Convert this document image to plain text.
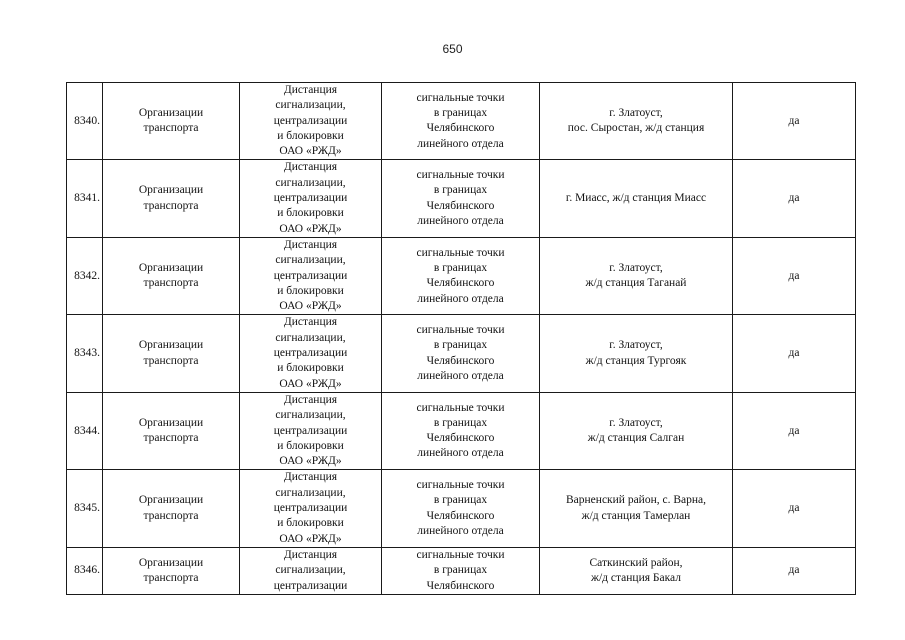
650
8340.	Организации
транспорта	Дистанция
сигнализации,
централизации
и блокировки
ОАО «РЖД»	сигнальные точки
в границах
Челябинского
линейного отдела	г. Златоуст,
пос. Сыростан, ж/д станция	да
8341.	Организации
транспорта	Дистанция
сигнализации,
централизации
и блокировки
ОАО «РЖД»	сигнальные точки
в границах
Челябинского
линейного отдела	г. Миасс, ж/д станция Миасс	да
8342.	Организации
транспорта	Дистанция
сигнализации,
централизации
и блокировки
ОАО «РЖД»	сигнальные точки
в границах
Челябинского
линейного отдела	г. Златоуст,
ж/д станция Таганай	да
8343.	Организации
транспорта	Дистанция
сигнализации,
централизации
и блокировки
ОАО «РЖД»	сигнальные точки
в границах
Челябинского
линейного отдела	г. Златоуст,
ж/д станция Тургояк	да
8344.	Организации
транспорта	Дистанция
сигнализации,
централизации
и блокировки
ОАО «РЖД»	сигнальные точки
в границах
Челябинского
линейного отдела	г. Златоуст,
ж/д станция Салган	да
8345.	Организации
транспорта	Дистанция
сигнализации,
централизации
и блокировки
ОАО «РЖД»	сигнальные точки
в границах
Челябинского
линейного отдела	Варненский район, с. Варна,
ж/д станция Тамерлан	да
8346.	Организации
транспорта	Дистанция
сигнализации,
централизации	сигнальные точки
в границах
Челябинского	Саткинский район,
ж/д станция Бакал	да
